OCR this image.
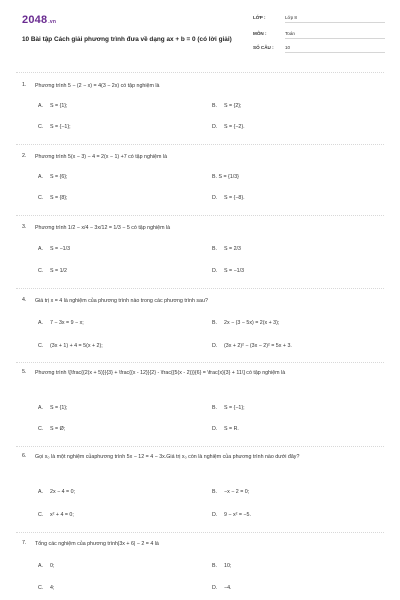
2048.vn
10 Bài tập Cách giải phương trình đưa về dạng ax + b = 0 (có lời giải)
LỚP :	Lớp 8
MÔN :	Toán
SỐ CÂU :	10
1. Phương trình 5 − (2 − x) = 4(3 − 2x) có tập nghiệm là
A. S = {1};	B. S = {2};
C. S = {−1};	D. S = {−2}.
2. Phương trình 5(x − 3) − 4 = 2(x − 1) +7 có tập nghiệm là
A. S = {6};	B. S = {1/3}
C. S = {8};	D. S = {−8}.
3. Phương trình 1/2 − x/4 − 3x/12 = 1/3 − 5 có tập nghiệm là
A. S = −1/3	B. S = 2/3
C. S = 1/2	D. S = −1/3
4. Giá trị x = 4 là nghiệm của phương trình nào trong các phương trình sau?
A. 7 − 3x = 9 − x;	B. 2x − (3 − 5x) = 2(x + 3);
C. (3x + 1) + 4 = 5(x + 2);	D. (3x + 2)² − (3x − 2)² = 5x + 3.
5. Phương trình \[\frac{{2(x + 5)}}{3} + \frac{{x - 12}}{2} - \frac{{5(x - 2)}}{6} = \frac{x}{3} + 11\] có tập nghiệm là
A. S = {1};	B. S = {−1};
C. S = Ø;	D. S = R.
6. Gọi x₀ là một nghiệm củaphương trình 5x − 12 = 4 − 3x.Giá trị x₀ còn là nghiệm của phương trình nào dưới đây?
A. 2x − 4 = 0;	B. −x − 2 = 0;
C. x² + 4 = 0;	D. 9 − x² = −5.
7. Tổng các nghiệm của phương trình|3x + 6| − 2 = 4 là
A. 0;	B. 10;
C. 4;	D. −4.
